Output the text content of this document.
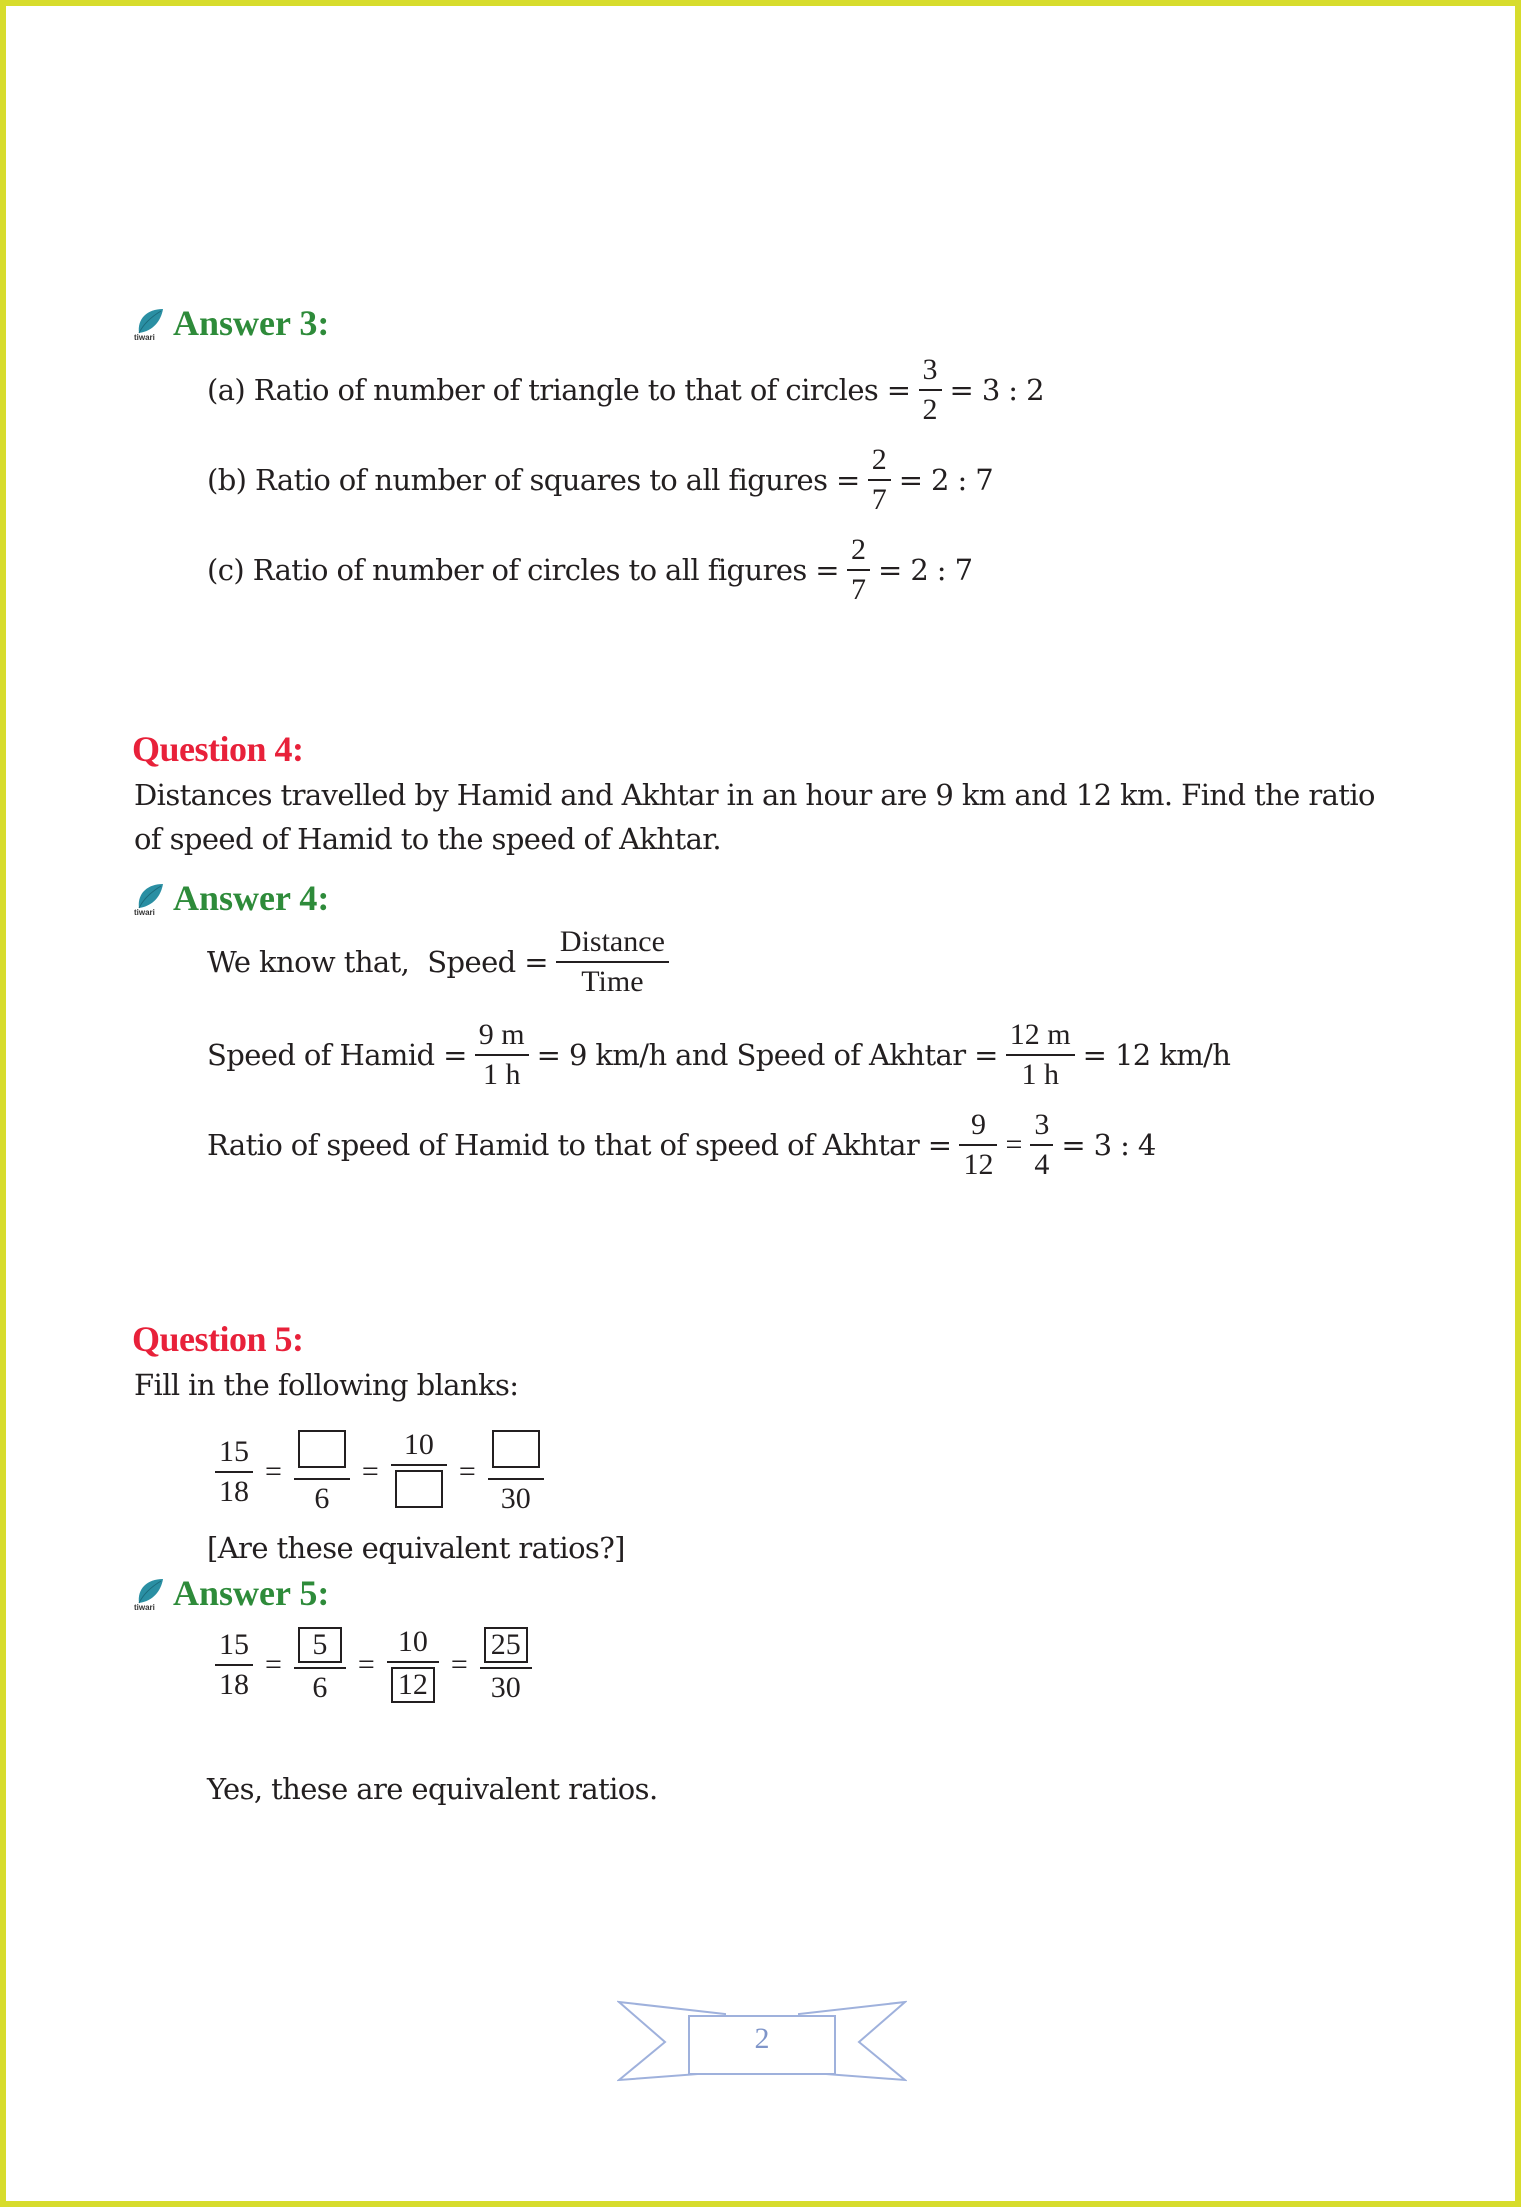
tiwari Answer 3:
(a) Ratio of number of triangle to that of circles = $\frac{3}{2} = 3$ : 2
(b) Ratio of number of squares to all figures = $\frac{2}{7} = 2$ : 7
(c) Ratio of number of circles to all figures = $\frac{2}{7} = 2$ : 7
Question 4:
Distances travelled by Hamid and Akhtar in an hour are 9 km and 12 km. Find the ratio
of speed of Hamid to the speed of Akhtar.
tiwari Answer 4:
We know that, Speed = $\frac{\text{Distance}}{\text{Time}}$
Speed of Hamid = $\frac{9 m}{1 h} = 9$ km/h and Speed of Akhtar = $\frac{12 m}{1 h} = 12$ km/h
Ratio of speed of Hamid to that of speed of Akhtar = $\frac{9}{12} = \frac{3}{4} = 3$ : 4
Question 5:
Fill in the following blanks:
$\frac{15}{18}$ =
6
=
10
=
30
[Are these equivalent ratios?]
tiwari Answer 5:
$\frac{15}{18} = \frac{5}{6} = \frac{10}{12} = \frac{25}{30}$
Yes, these are equivalent ratios.
2
